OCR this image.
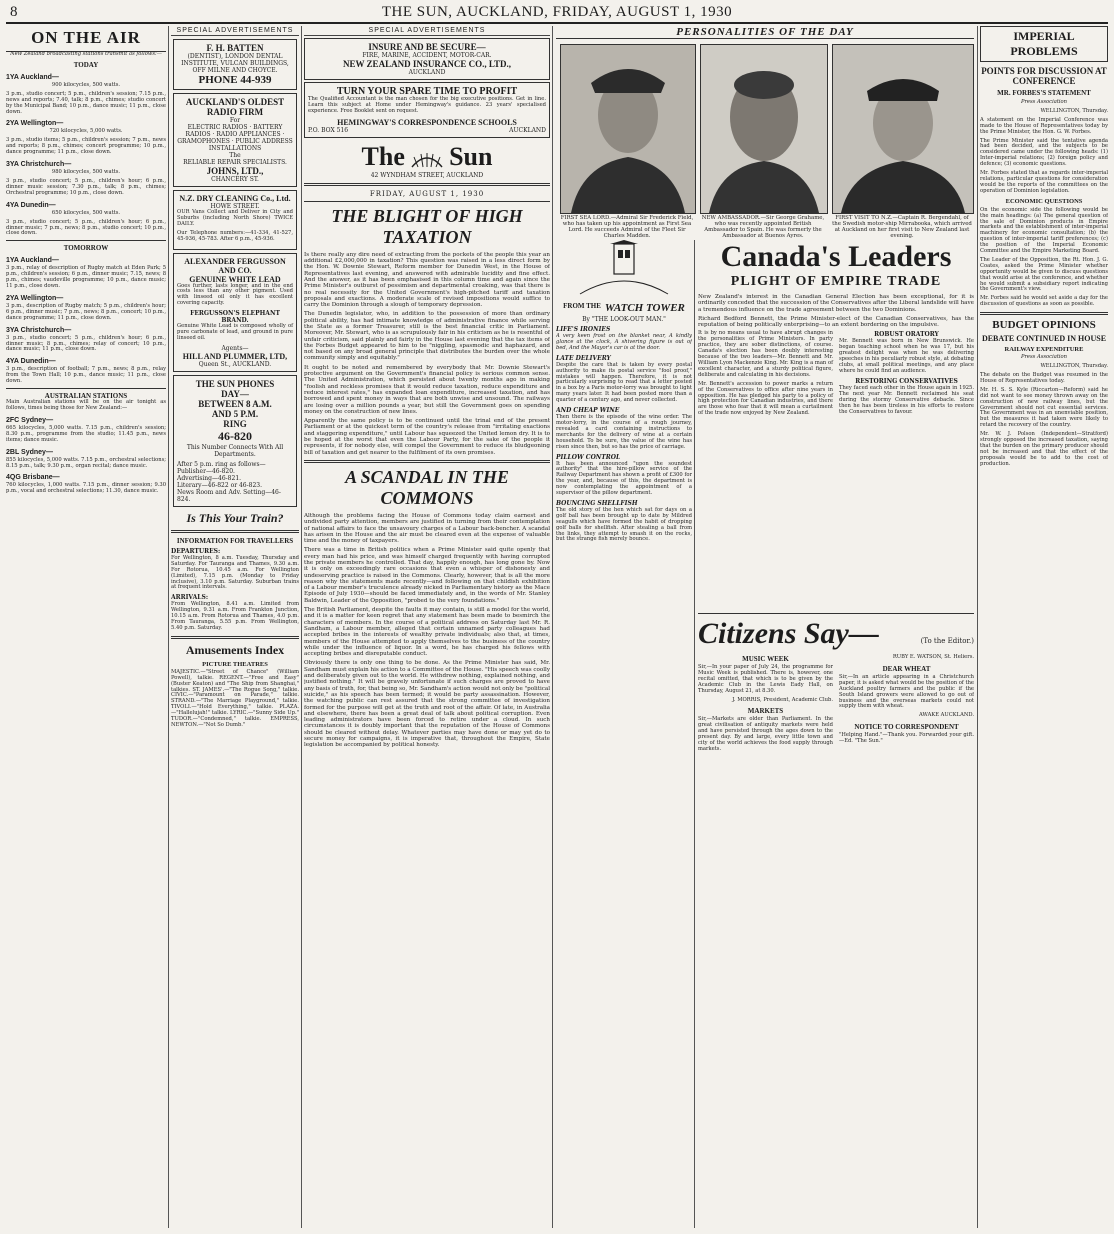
8	THE SUN, AUCKLAND, FRIDAY, AUGUST 1, 1930
ON THE AIR

New Zealand broadcasting stations transmit as follows:—

TODAY
1YA Auckland—

900 kilocycles, 500 watts.

3 p.m., studio concert; 5 p.m., children's session; 7.15 p.m., news and reports; 7.40, talk; 8 p.m., chimes; studio concert by the Municipal Band; 10 p.m., dance music; 11 p.m., close down.

2YA Wellington—

720 kilocycles, 5,000 watts.

3 p.m., studio items; 5 p.m., children's session; 7 p.m., news and reports; 8 p.m., chimes; concert programme; 10 p.m., dance programme; 11 p.m., close down.

3YA Christchurch—

980 kilocycles, 500 watts.

3 p.m., studio concert; 5 p.m., children's hour; 6 p.m., dinner music session; 7.30 p.m., talk; 8 p.m., chimes; Orchestral programme; 10 p.m., close down.

4YA Dunedin—

650 kilocycles, 500 watts.

3 p.m., studio concert; 5 p.m., children's hour; 6 p.m., dinner music; 7 p.m., news; 8 p.m., studio concert; 10 p.m., close down.

TOMORROW
1YA Auckland—

3 p.m., relay of description of Rugby match at Eden Park; 5 p.m., children's session; 6 p.m., dinner music; 7.15, news; 8 p.m., chimes; vaudeville programme; 10 p.m., dance music; 11 p.m., close down.

2YA Wellington—

3 p.m., description of Rugby match; 5 p.m., children's hour; 6 p.m., dinner music; 7 p.m., news; 8 p.m., concert; 10 p.m., dance programme; 11 p.m., close down.

3YA Christchurch—

3 p.m., studio concert; 5 p.m., children's hour; 6 p.m., dinner music; 8 p.m., chimes; relay of concert; 10 p.m., dance music; 11 p.m., close down.

4YA Dunedin—

3 p.m., description of football; 7 p.m., news; 8 p.m., relay from the Town Hall; 10 p.m., dance music; 11 p.m., close down.

AUSTRALIAN STATIONS

Main Australian stations will be on the air tonight as follows, times being those for New Zealand:—

2FC Sydney—

665 kilocycles, 5,000 watts. 7.15 p.m., children's session; 8.30 p.m., programme from the studio; 11.45 p.m., news items; dance music.

2BL Sydney—

855 kilocycles, 5,000 watts. 7.15 p.m., orchestral selections; 8.15 p.m., talk; 9.30 p.m., organ recital; dance music.

4QG Brisbane—

760 kilocycles, 1,000 watts. 7.15 p.m., dinner session; 9.30 p.m., vocal and orchestral selections; 11.30, dance music.

SPECIAL ADVERTISEMENTS
F. H. BATTEN
(DENTIST), LONDON DENTAL INSTITUTE, VULCAN BUILDINGS, OFF MILNE AND CHOYCE.
PHONE 44-939
AUCKLAND'S OLDEST RADIO FIRM
For
ELECTRIC RADIOS · BATTERY RADIOS · RADIO APPLIANCES · GRAMOPHONES · PUBLIC ADDRESS INSTALLATIONS
The
RELIABLE REPAIR SPECIALISTS.
JOHNS, LTD.,
CHANCERY ST.
N.Z. DRY CLEANING Co., Ltd.
HOWE STREET.

OUR Vans Collect and Deliver in City and Suburbs (including North Shore) TWICE DAILY.

Our Telephone numbers:—41-334, 41-527, 45-936, 45-783. After 6 p.m., 45-936.

ALEXANDER FERGUSSON AND CO.
GENUINE WHITE LEAD

Goes further, lasts longer, and in the end costs less than any other pigment. Used with linseed oil only it has excellent covering capacity.

FERGUSSON'S ELEPHANT BRAND.

Genuine White Lead is composed wholly of pure carbonate of lead, and ground in pure linseed oil.

Agents—
HILL AND PLUMMER, LTD,
Queen St., AUCKLAND.
THE SUN PHONES
DAY—
BETWEEN 8 A.M.
AND 5 P.M.
RING
46-820
This Number Connects With All Departments.
After 5 p.m. ring as follows—
Publisher—46-820.
Advertising—46-821.
Literary—46-822 or 46-823.
News Room and Adv. Setting—46-824.
Is This Your Train?
INFORMATION FOR TRAVELLERS
DEPARTURES:

For Wellington, 8 a.m. Tuesday, Thursday and Saturday. For Tauranga and Thames, 9.30 a.m. For Rotorua, 10.45 a.m. For Wellington (Limited), 7.15 p.m. (Monday to Friday inclusive), 3.10 p.m. Saturday. Suburban trains at frequent intervals.

ARRIVALS:

From Wellington, 8.41 a.m. Limited from Wellington, 9.31 a.m. From Frankton Junction, 10.15 a.m. From Rotorua and Thames, 4.0 p.m. From Tauranga, 5.55 p.m. From Wellington, 5.40 p.m. Saturday.

Amusements Index
PICTURE THEATRES

MAJESTIC.—"Street of Chance" (William Powell), talkie. REGENT.—"Free and Easy" (Buster Keaton) and "The Ship from Shanghai," talkies. ST. JAMES'.—"The Rogue Song," talkie. CIVIC.—"Paramount on Parade," talkie. STRAND.—"The Marriage Playground," talkie. TIVOLI.—"Hold Everything," talkie. PLAZA.—"Hallelujah!" talkie. LYRIC.—"Sunny Side Up." TUDOR.—"Condemned," talkie. EMPRESS, NEWTON.—"Not So Dumb."

SPECIAL ADVERTISEMENTS
INSURE AND BE SECURE—
FIRE, MARINE, ACCIDENT, MOTOR-CAR.
NEW ZEALAND INSURANCE CO., LTD.,
AUCKLAND
TURN YOUR SPARE TIME TO PROFIT

The Qualified Accountant is the man chosen for the big executive positions. Get in line. Learn this subject at Home under Hemingway's guidance. 23 years' specialised experience. Free Booklet sent on request.

HEMINGWAY'S CORRESPONDENCE SCHOOLS
P.O. BOX 516	AUCKLAND
The Sun
42 WYNDHAM STREET, AUCKLAND
FRIDAY, AUGUST 1, 1930
THE BLIGHT OF HIGH TAXATION

Is there really any dire need of extracting from the pockets of the people this year an additional £2,000,000 in taxation? This question was raised in a less direct form by the Hon. W. Downie Stewart, Reform member for Dunedin West, in the House of Representatives last evening, and answered with admirable lucidity and fine effect. And the answer, as it has been emphasised in this column time and again since the Prime Minister's outburst of pessimism and departmental croaking, was that there is no real necessity for the United Government's high-pitched tariff and taxation proposals and exactions. A moderate scale of revised impositions would suffice to carry the Dominion through a slough of temporary depression.

The Dunedin legislator, who, in addition to the possession of more than ordinary political ability, has had intimate knowledge of administrative finance while serving the State as a former Treasurer, still is the best financial critic in Parliament. Moreover, Mr. Stewart, who is as scrupulously fair in his criticism as he is resentful of unfair criticism, said plainly and fairly in the House last evening that the tax items of the Forbes Budget appeared to him to be "niggling, spasmodic and haphazard, and not based on any broad general principle that distributes the burden over the whole community simply and equitably."

It ought to be noted and remembered by everybody that Mr. Downie Stewart's protective argument on the Government's financial policy is serious common sense. The United Administration, which persisted about twenty months ago in making "foolish and reckless promises that it would reduce taxation, reduce expenditure and reduce interest rates," has expanded loan expenditure, increased taxation, and has borrowed and spent money in ways that are both unwise and unsound. The railways are losing over a million pounds a year, but still the Government goes on spending money on the construction of new lines.

Apparently the same policy is to be continued until the trinal end of the present Parliament or at the quickest term of the country's release from "irritating exactions and staggering expenditure," until Labour has squeezed the United lemon dry. It is to be hoped at the worst that even the Labour Party, for the sake of the people it represents, if for nobody else, will compel the Government to reduce its bludgeoning bill of taxation and get nearer to the fulfilment of its own promises.

A SCANDAL IN THE COMMONS

Although the problems facing the House of Commons today claim earnest and undivided party attention, members are justified in turning from their contemplation of national affairs to face the unsavoury charges of a Labour back-bencher. A scandal has arisen in the House and the air must be cleared even at the expense of valuable time and the money of taxpayers.

There was a time in British politics when a Prime Minister said quite openly that every man had his price, and was himself charged frequently with having corrupted the private members he controlled. That day, happily enough, has long gone by. Now it is only on exceedingly rare occasions that even a whisper of dishonesty and undeserving practice is raised in the Commons. Clearly, however, that is all the more reason why the statements made recently—and following on that childish exhibition of a Labour member's truculence already nicked in Parliamentary history as the Mace Episode of July 1930—should be faced immediately and, in the words of Mr. Stanley Baldwin, Leader of the Opposition, "probed to the very foundations."

The British Parliament, despite the faults it may contain, is still a model for the world, and it is a matter for keen regret that any statement has been made to besmirch the characters of members. In the course of a political address on Saturday last Mr. R. Sandham, a Labour member, alleged that certain unnamed party colleagues had accepted bribes in the interests of wealthy private individuals; also that, at times, members of the House attempted to apply themselves to the business of the country while under the influence of liquor. In a word, he has charged his fellows with accepting bribes and disreputable conduct.

Obviously there is only one thing to be done. As the Prime Minister has said, Mr. Sandham must explain his action to a Committee of the House. "His speech was coolly and deliberately given out to the world. He withdrew nothing, explained nothing, and justified nothing." It will be gravely unfortunate if such charges are proved to have any basis of truth, for, that being so, Mr. Sandham's action would not only be "political suicide," as his speech has been termed; it would be party assassination. However, the watching public can rest assured that the strong committee of investigation formed for the purpose will get at the truth and root of the affair. Of late, in Australia and elsewhere, there has been a great deal of talk about political corruption. Even leading administrators have been forced to retire under a cloud. In such circumstances it is doubly important that the reputation of the House of Commons should be cleared without delay. Whatever parties may have done or may yet do to secure money for campaigns, it is imperative that, throughout the Empire, State legislation be accompanied by political honesty.

PERSONALITIES OF THE DAY
FIRST SEA LORD.—Admiral Sir Frederick Field, who has taken up his appointment as First Sea Lord. He succeeds Admiral of the Fleet Sir Charles Madden.
NEW AMBASSADOR.—Sir George Grahame, who was recently appointed British Ambassador to Spain. He was formerly the Ambassador at Buenos Ayres.
FIRST VISIT TO N.Z.—Captain R. Bergendahl, of the Swedish motor-ship Mirrabooka, which arrived at Auckland on her first visit to New Zealand last evening.
FROM THE WATCH TOWER
By "THE LOOK-OUT MAN."
LIFE'S IRONIES

A very keen frost on the blanket near, A kindly glance at the clock, A shivering figure is out of bed, And the Mayor's car is at the door.

LATE DELIVERY

Despite the care that is taken by every postal authority to make its postal service "fool proof," mistakes will happen. Therefore, it is not particularly surprising to read that a letter posted in a box by a Paris motor-lorry was brought to light many years later. It had been posted more than a quarter of a century ago, and never collected.

AND CHEAP WINE

Then there is the episode of the wine order. The motor-lorry, in the course of a rough journey, revealed a card containing instructions to merchants for the delivery of wine at a certain household. To be sure, the value of the wine has risen since then, but so has the price of carriage.

PILLOW CONTROL

It has been announced "upon the soundest authority" that the hire-pillow service of the Railway Department has shown a profit of £300 for the year, and, because of this, the department is now contemplating the appointment of a supervisor of the pillow department.

BOUNCING SHELLFISH

The old story of the hen which sat for days on a golf ball has been brought up to date by Mildred seagulls which have formed the habit of dropping golf balls for shellfish. After stealing a ball from the links, they attempt to smash it on the rocks, but the strange fish merely bounce.

Canada's Leaders
PLIGHT OF EMPIRE TRADE

New Zealand's interest in the Canadian General Election has been exceptional, for it is ordinarily conceded that the succession of the Conservatives after the Liberal landslide will have a tremendous influence on the trade agreement between the two Dominions.

Richard Bedford Bennett, the Prime Minister-elect of the Canadian Conservatives, has the reputation of being politically enterprising—to an extent bordering on the impulsive.

It is by no means usual to have abrupt changes in the personalities of Prime Ministers. In party practice, they are sober distinctions, of course. Canada's election has been doubly interesting because of the two leaders—Mr. Bennett and Mr. William Lyon Mackenzie King. Mr. King is a man of excellent character, and a sturdy political figure, deliberate and calculating in his decisions.

Mr. Bennett's accession to power marks a return of the Conservatives to office after nine years in opposition. He has pledged his party to a policy of high protection for Canadian industries, and there are those who fear that it will mean a curtailment of the trade now enjoyed by New Zealand.

ROBUST ORATORY

Mr. Bennett was born in New Brunswick. He began teaching school when he was 17, but his greatest delight was when he was delivering speeches in his peculiarly robust style, at debating clubs, at small political meetings, and any place where he could find an audience.

RESTORING CONSERVATIVES

They faced each other in the House again in 1925. The next year Mr. Bennett reclaimed his seat during the stormy Conservative debacle. Since then he has been tireless in his efforts to restore the Conservatives to favour.

Citizens Say—	(To the Editor.)
MUSIC WEEK

Sir,—In your paper of July 24, the programme for Music Week is published. There is, however, one recital omitted, that which is to be given by the Academic Club in the Lewis Eady Hall, on Thursday, August 21, at 8.30.

J. MORRIS, President, Academic Club.

MARKETS

Sir,—Markets are older than Parliament. In the great civilisation of antiquity markets were held and have persisted through the ages down to the present day. By and large, every little town and city of the world achieves the food supply through markets.

RUBY E. WATSON, St. Heliers.

DEAR WHEAT

Sir,—In an article appearing in a Christchurch paper, it is asked what would be the position of the Auckland poultry farmers and the public if the South Island growers were allowed to go out of business and the overseas markets could not supply them with wheat.

AWAKE AUCKLAND.

NOTICE TO CORRESPONDENT

"Helping Hand."—Thank you. Forwarded your gift.—Ed. "The Sun."

IMPERIAL PROBLEMS
POINTS FOR DISCUSSION AT CONFERENCE
MR. FORBES'S STATEMENT

Press Association

WELLINGTON, Thursday.

A statement on the Imperial Conference was made to the House of Representatives today by the Prime Minister, the Hon. G. W. Forbes.

The Prime Minister said the tentative agenda had been decided, and the subjects to be considered came under the following heads: (1) Inter-imperial relations; (2) foreign policy and defence; (3) economic questions.

Mr. Forbes stated that as regards inter-imperial relations, particular questions for consideration would be the reports of the committees on the operation of Dominion legislation.

ECONOMIC QUESTIONS

On the economic side the following would be the main headings: (a) The general question of the sale of Dominion products in Empire markets and the establishment of inter-imperial machinery for economic consultation; (b) the question of inter-imperial tariff preferences; (c) the position of the Imperial Economic Committee and the Empire Marketing Board.

The Leader of the Opposition, the Rt. Hon. J. G. Coates, asked the Prime Minister whether opportunity would be given to discuss questions that would arise at the conference, and whether he would submit a subsidiary report indicating the Government's view.

Mr. Forbes said he would set aside a day for the discussion of questions as soon as possible.

BUDGET OPINIONS
DEBATE CONTINUED IN HOUSE
RAILWAY EXPENDITURE

Press Association

WELLINGTON, Thursday.

The debate on the Budget was resumed in the House of Representatives today.

Mr. H. S. S. Kyle (Riccarton—Reform) said he did not want to see money thrown away on the construction of new railway lines, but the Government should not cut essential services. The Government was in an unenviable position, but the measures it had taken were likely to retard the recovery of the country.

Mr. W. J. Polson (Independent—Stratford) strongly opposed the increased taxation, saying that the burden on the primary producer should not be increased and that the effect of the proposals would be to add to the cost of production.
